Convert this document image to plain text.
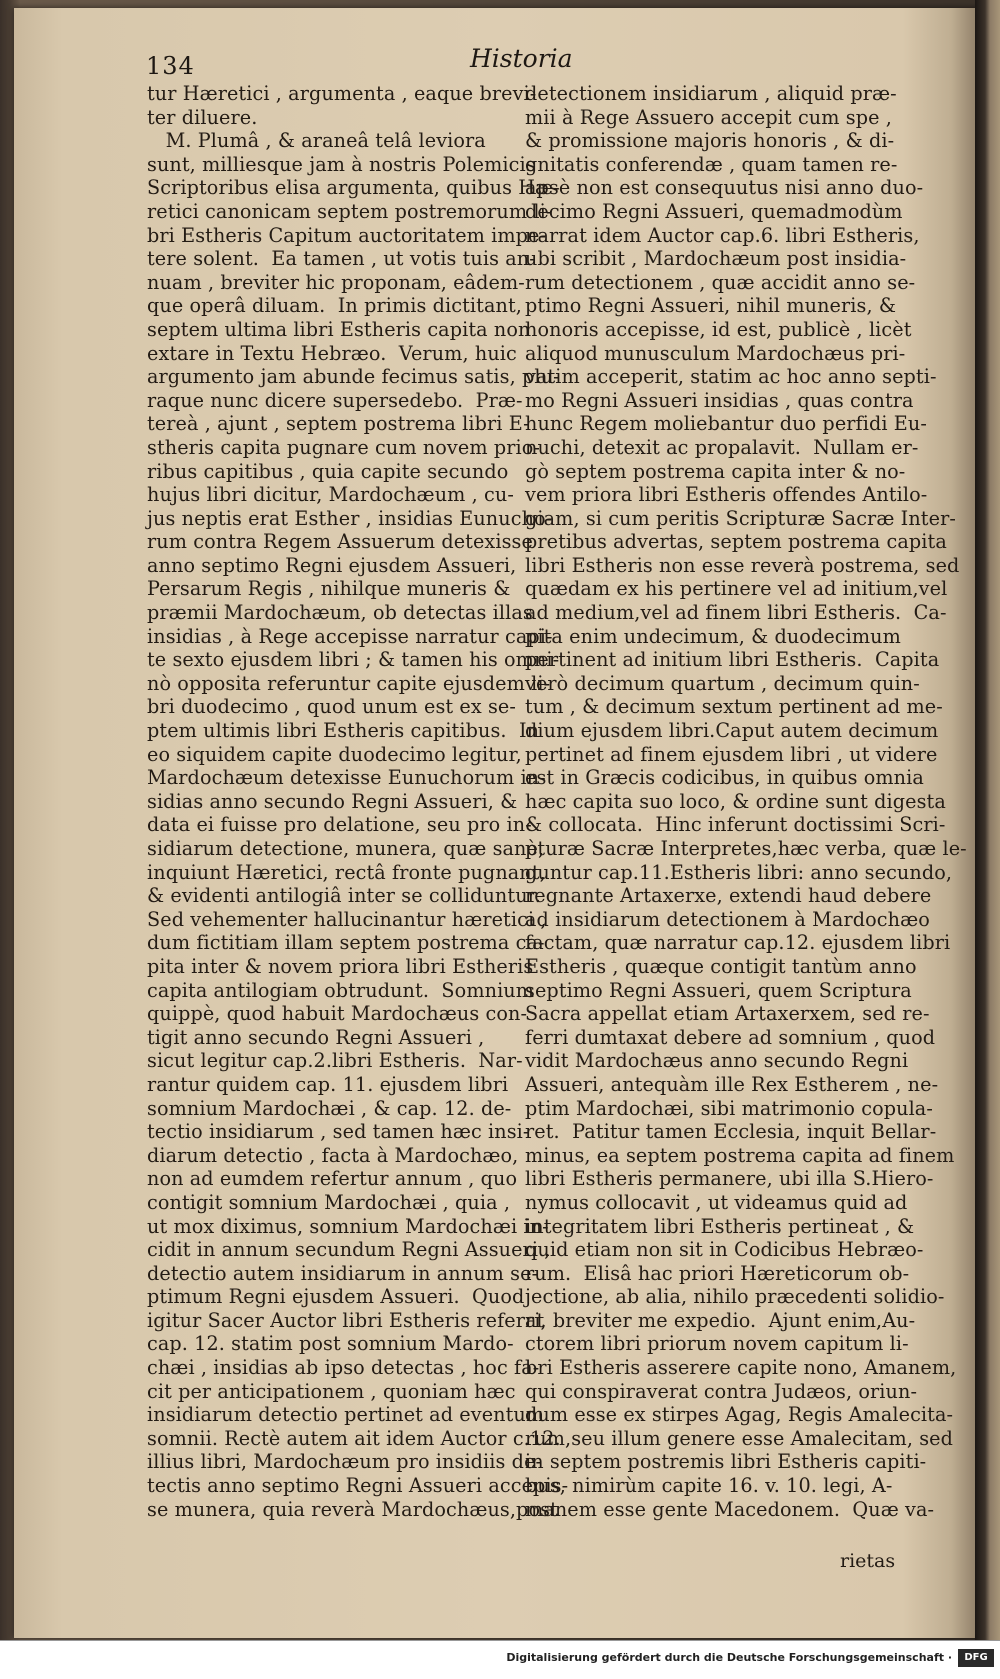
134	Historia
tur Hæretici , argumenta , eaque brevi-
ter diluere.
M. Plumâ , & araneâ telâ leviora
sunt, milliesque jam à nostris Polemicis
Scriptoribus elisa argumenta, quibus Hæ-
retici canonicam septem postremorum li-
bri Estheris Capitum auctoritatem impe-
tere solent.  Ea tamen , ut votis tuis an-
nuam , breviter hic proponam, eâdem-
que operâ diluam.  In primis dictitant,
septem ultima libri Estheris capita non
extare in Textu Hebræo.  Verum, huic
argumento jam abunde fecimus satis, plu-
raque nunc dicere supersedebo.  Præ-
tereà , ajunt , septem postrema libri E-
stheris capita pugnare cum novem prio-
ribus capitibus , quia capite secundo
hujus libri dicitur, Mardochæum , cu-
jus neptis erat Esther , insidias Eunucho-
rum contra Regem Assuerum detexisse
anno septimo Regni ejusdem Assueri,
Persarum Regis , nihilque muneris &
præmii Mardochæum, ob detectas illas
insidias , à Rege accepisse narratur capi-
te sexto ejusdem libri ; & tamen his omni-
nò opposita referuntur capite ejusdem li-
bri duodecimo , quod unum est ex se-
ptem ultimis libri Estheris capitibus.  In
eo siquidem capite duodecimo legitur,
Mardochæum detexisse Eunuchorum in-
sidias anno secundo Regni Assueri, &
data ei fuisse pro delatione, seu pro in-
sidiarum detectione, munera, quæ sanè,
inquiunt Hæretici, rectâ fronte pugnant,
& evidenti antilogiâ inter se colliduntur.
Sed vehementer hallucinantur hæretici ,
dum fictitiam illam septem postrema ca-
pita inter & novem priora libri Estheris
capita antilogiam obtrudunt.  Somnium
quippè, quod habuit Mardochæus con-
tigit anno secundo Regni Assueri ,
sicut legitur cap.2.libri Estheris.  Nar-
rantur quidem cap. 11. ejusdem libri
somnium Mardochæi , & cap. 12. de-
tectio insidiarum , sed tamen hæc insi-
diarum detectio , facta à Mardochæo,
non ad eumdem refertur annum , quo
contigit somnium Mardochæi , quia ,
ut mox diximus, somnium Mardochæi in-
cidit in annum secundum Regni Assueri ,
detectio autem insidiarum in annum se-
ptimum Regni ejusdem Assueri.  Quod
igitur Sacer Auctor libri Estheris referat
cap. 12. statim post somnium Mardo-
chæi , insidias ab ipso detectas , hoc fa-
cit per anticipationem , quoniam hæc
insidiarum detectio pertinet ad eventum
somnii. Rectè autem ait idem Auctor c.12.
illius libri, Mardochæum pro insidiis de-
tectis anno septimo Regni Assueri accepis-
se munera, quia reverà Mardochæus,post
detectionem insidiarum , aliquid præ-
mii à Rege Assuero accepit cum spe ,
& promissione majoris honoris , & di-
gnitatis conferendæ , quam tamen re-
apsè non est consequutus nisi anno duo-
decimo Regni Assueri, quemadmodùm
narrat idem Auctor cap.6. libri Estheris,
ubi scribit , Mardochæum post insidia-
rum detectionem , quæ accidit anno se-
ptimo Regni Assueri, nihil muneris, &
honoris accepisse, id est, publicè , licèt
aliquod munusculum Mardochæus pri-
vatim acceperit, statim ac hoc anno septi-
mo Regni Assueri insidias , quas contra
hunc Regem moliebantur duo perfidi Eu-
nuchi, detexit ac propalavit.  Nullam er-
gò septem postrema capita inter & no-
vem priora libri Estheris offendes Antilo-
giam, si cum peritis Scripturæ Sacræ Inter-
pretibus advertas, septem postrema capita
libri Estheris non esse reverà postrema, sed
quædam ex his pertinere vel ad initium,vel
ad medium,vel ad finem libri Estheris.  Ca-
pita enim undecimum, & duodecimum
pertinent ad initium libri Estheris.  Capita
verò decimum quartum , decimum quin-
tum , & decimum sextum pertinent ad me-
dium ejusdem libri.Caput autem decimum
pertinet ad finem ejusdem libri , ut videre
est in Græcis codicibus, in quibus omnia
hæc capita suo loco, & ordine sunt digesta
& collocata.  Hinc inferunt doctissimi Scri-
pturæ Sacræ Interpretes,hæc verba, quæ le-
guntur cap.11.Estheris libri: anno secundo,
regnante Artaxerxe, extendi haud debere
ad insidiarum detectionem à Mardochæo
factam, quæ narratur cap.12. ejusdem libri
Estheris , quæque contigit tantùm anno
septimo Regni Assueri, quem Scriptura
Sacra appellat etiam Artaxerxem, sed re-
ferri dumtaxat debere ad somnium , quod
vidit Mardochæus anno secundo Regni
Assueri, antequàm ille Rex Estherem , ne-
ptim Mardochæi, sibi matrimonio copula-
ret.  Patitur tamen Ecclesia, inquit Bellar-
minus, ea septem postrema capita ad finem
libri Estheris permanere, ubi illa S.Hiero-
nymus collocavit , ut videamus quid ad
integritatem libri Estheris pertineat , &
quid etiam non sit in Codicibus Hebræo-
rum.  Elisâ hac priori Hæreticorum ob-
jectione, ab alia, nihilo præcedenti solidio-
ri, breviter me expedio.  Ajunt enim,Au-
ctorem libri priorum novem capitum li-
bri Estheris asserere capite nono, Amanem,
qui conspiraverat contra Judæos, oriun-
dum esse ex stirpes Agag, Regis Amalecita-
rum,seu illum genere esse Amalecitam, sed
in septem postremis libri Estheris capiti-
bus, nimirùm capite 16. v. 10. legi, A-
manem esse gente Macedonem.  Quæ va-
rietas
Digitalisierung gefördert durch die Deutsche Forschungsgemeinschaft ·	DFG
